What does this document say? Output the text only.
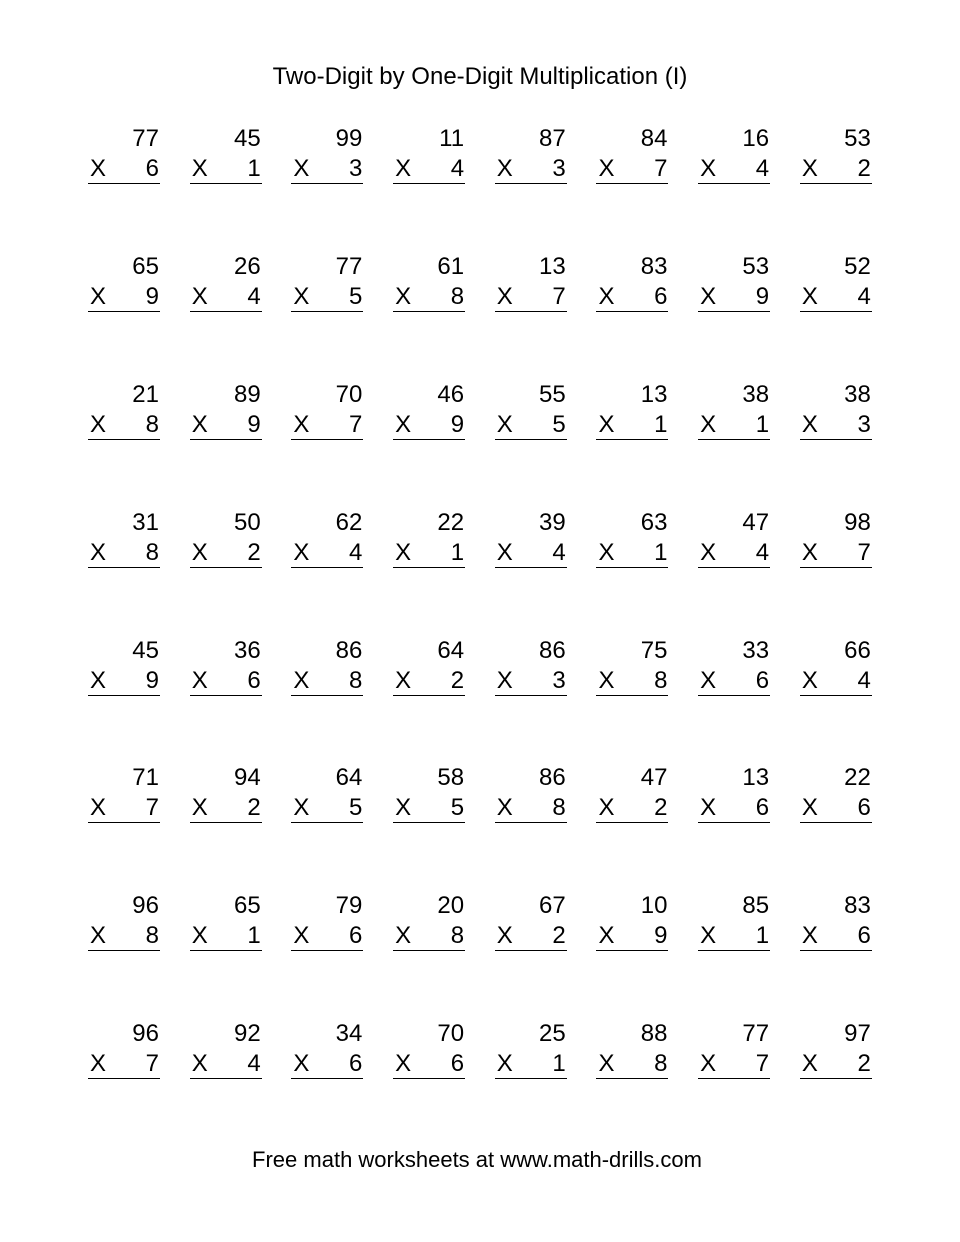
Two-Digit by One-Digit Multiplication (I)
77
X 6
45
X 1
99
X 3
11
X 4
87
X 3
84
X 7
16
X 4
53
X 2
65
X 9
26
X 4
77
X 5
61
X 8
13
X 7
83
X 6
53
X 9
52
X 4
21
X 8
89
X 9
70
X 7
46
X 9
55
X 5
13
X 1
38
X 1
38
X 3
31
X 8
50
X 2
62
X 4
22
X 1
39
X 4
63
X 1
47
X 4
98
X 7
45
X 9
36
X 6
86
X 8
64
X 2
86
X 3
75
X 8
33
X 6
66
X 4
71
X 7
94
X 2
64
X 5
58
X 5
86
X 8
47
X 2
13
X 6
22
X 6
96
X 8
65
X 1
79
X 6
20
X 8
67
X 2
10
X 9
85
X 1
83
X 6
96
X 7
92
X 4
34
X 6
70
X 6
25
X 1
88
X 8
77
X 7
97
X 2
Free math worksheets at www.math-drills.com
